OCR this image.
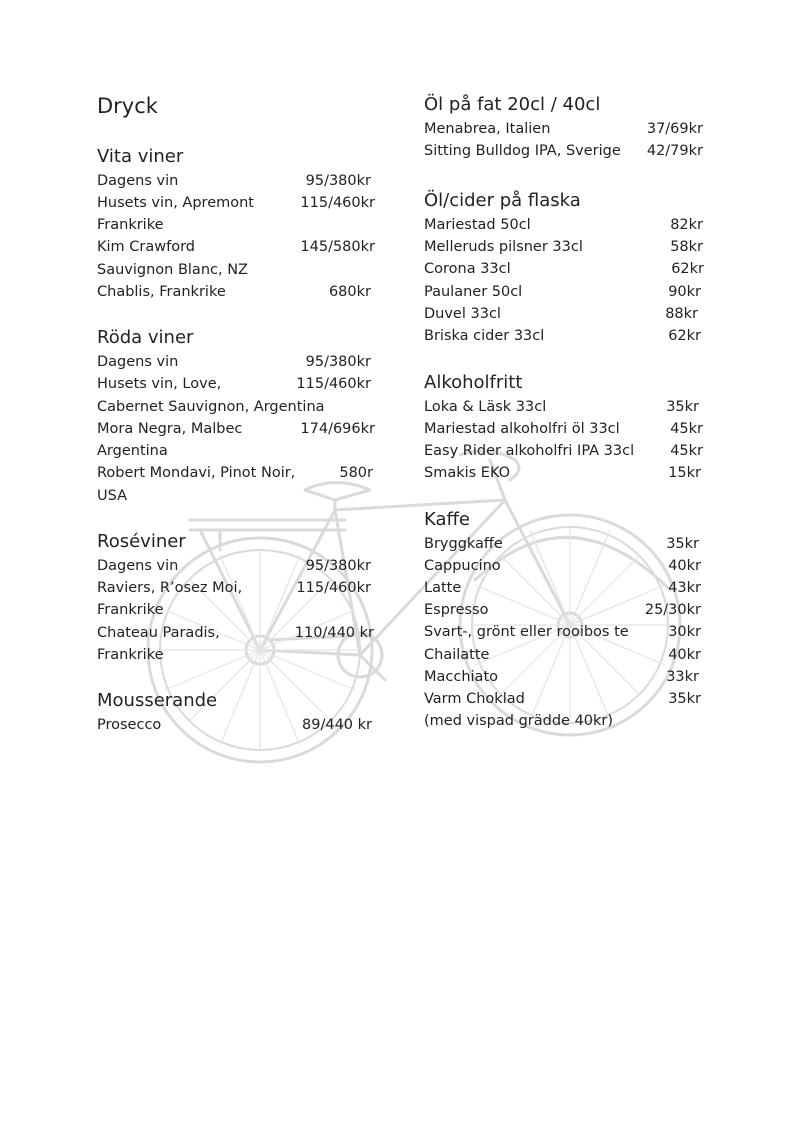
Dryck
Vita viner
Dagens vin	95/380kr
Husets vin, Apremont	115/460kr
Frankrike
Kim Crawford	145/580kr
Sauvignon Blanc, NZ
Chablis, Frankrike	680kr
Röda viner
Dagens vin	95/380kr
Husets vin, Love,	115/460kr
Cabernet Sauvignon, Argentina
Mora Negra, Malbec	174/696kr
Argentina
Robert Mondavi, Pinot Noir,	580r
USA
Roséviner
Dagens vin	95/380kr
Raviers, R’osez Moi,	115/460kr
Frankrike
Chateau Paradis,	110/440 kr
Frankrike
Mousserande
Prosecco	89/440 kr
Öl på fat 20cl / 40cl
Menabrea, Italien	37/69kr
Sitting Bulldog IPA, Sverige 42/79kr
Öl/cider på flaska
Mariestad 50cl	82kr
Melleruds pilsner 33cl	58kr
Corona 33cl	62kr
Paulaner 50cl	90kr
Duvel 33cl	88kr
Briska cider 33cl	62kr
Alkoholfritt
Loka & Läsk 33cl	35kr
Mariestad alkoholfri öl 33cl	45kr
Easy Rider alkoholfri IPA 33cl 45kr
Smakis EKO	15kr
Kaffe
Bryggkaffe	35kr
Cappucino	40kr
Latte	43kr
Espresso	25/30kr
Svart-, grönt eller rooibos te	30kr
Chailatte	40kr
Macchiato	33kr
Varm Choklad	35kr
(med vispad grädde 40kr)
